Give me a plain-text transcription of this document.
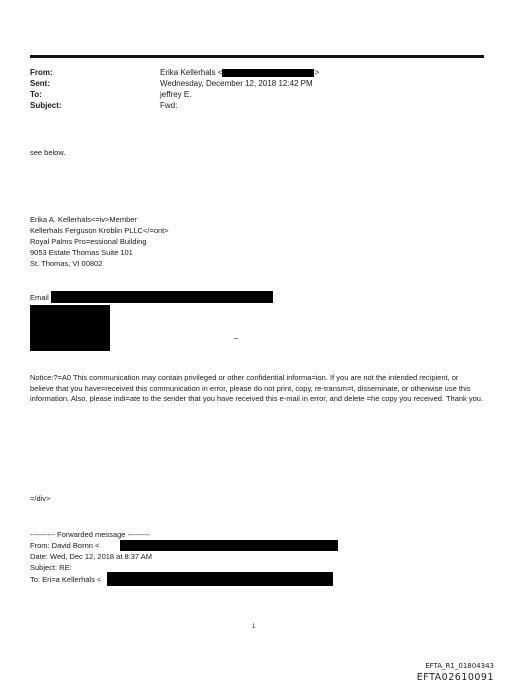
From:
Sent:
To:
Subject:
Erika Kellerhals <	>
Wednesday, December 12, 2018 12:42 PM
jeffrey E.
Fwd:
see below.
Erika A. Kellerhals<=iv>Member
Kellerhals Ferguson Kroblin PLLC</=ont>
Royal Palms Pro=essional Building
9053 Estate Thomas Suite 101
St. Thomas, VI 00802
Email
–
Notice:?=A0 This communication may contain privileged or other confidential informa=ion. If you are not the intended recipient, or believe that you have=received this communication in error, please do not print, copy, re-transm=t, disseminate, or otherwise use this information. Also, please indi=ate to the sender that you have received this e-mail in error, and delete =he copy you received. Thank you.
=/div>
---------- Forwarded message ---------
From: David Bornn <
Date: Wed, Dec 12, 2018 at 8:37 AM
Subject: RE:
To: Eri=a Kellerhals <
1
EFTA_R1_01804343
EFTA02610091
